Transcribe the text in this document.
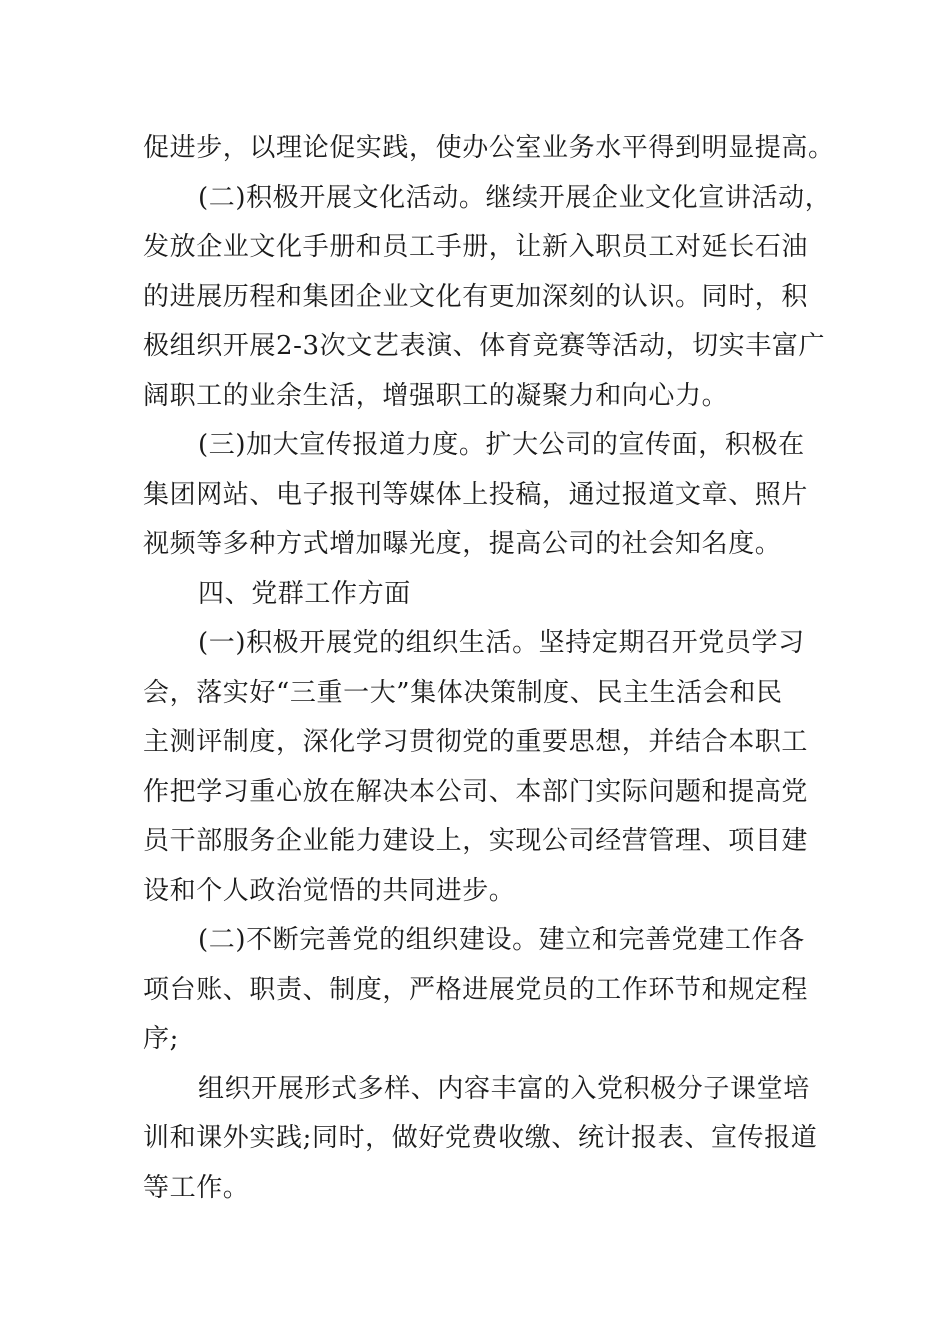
促进步，以理论促实践，使办公室业务水平得到明显提高。
(二)积极开展文化活动。继续开展企业文化宣讲活动，
发放企业文化手册和员工手册，让新入职员工对延长石油
的进展历程和集团企业文化有更加深刻的认识。同时，积
极组织开展2-3次文艺表演、体育竞赛等活动，切实丰富广
阔职工的业余生活，增强职工的凝聚力和向心力。
(三)加大宣传报道力度。扩大公司的宣传面，积极在
集团网站、电子报刊等媒体上投稿，通过报道文章、照片
视频等多种方式增加曝光度，提高公司的社会知名度。
四、党群工作方面
(一)积极开展党的组织生活。坚持定期召开党员学习
会，落实好“三重一大”集体决策制度、民主生活会和民
主测评制度，深化学习贯彻党的重要思想，并结合本职工
作把学习重心放在解决本公司、本部门实际问题和提高党
员干部服务企业能力建设上，实现公司经营管理、项目建
设和个人政治觉悟的共同进步。
(二)不断完善党的组织建设。建立和完善党建工作各
项台账、职责、制度，严格进展党员的工作环节和规定程
序;
组织开展形式多样、内容丰富的入党积极分子课堂培
训和课外实践;同时，做好党费收缴、统计报表、宣传报道
等工作。
